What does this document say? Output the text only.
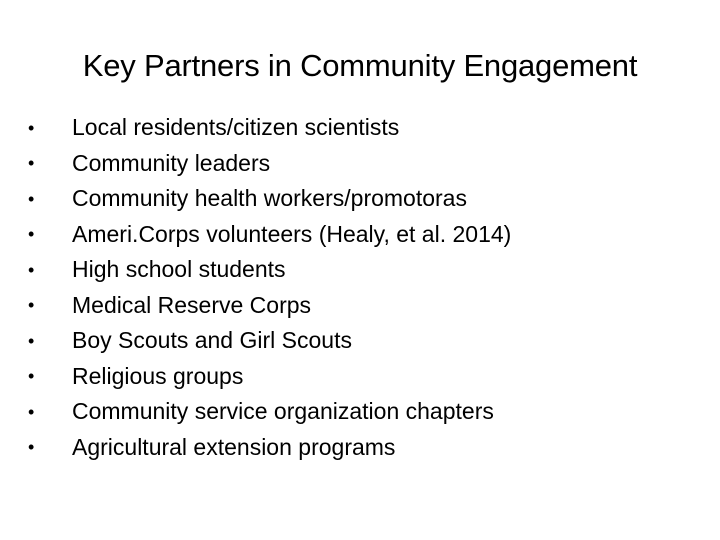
Key Partners in Community Engagement
•	Local residents/citizen scientists
•	Community leaders
•	Community health workers/promotoras
•	Ameri.Corps volunteers (Healy, et al. 2014)
•	High school students
•	Medical Reserve Corps
•	Boy Scouts and Girl Scouts
•	Religious groups
•	Community service organization chapters
•	Agricultural extension programs
